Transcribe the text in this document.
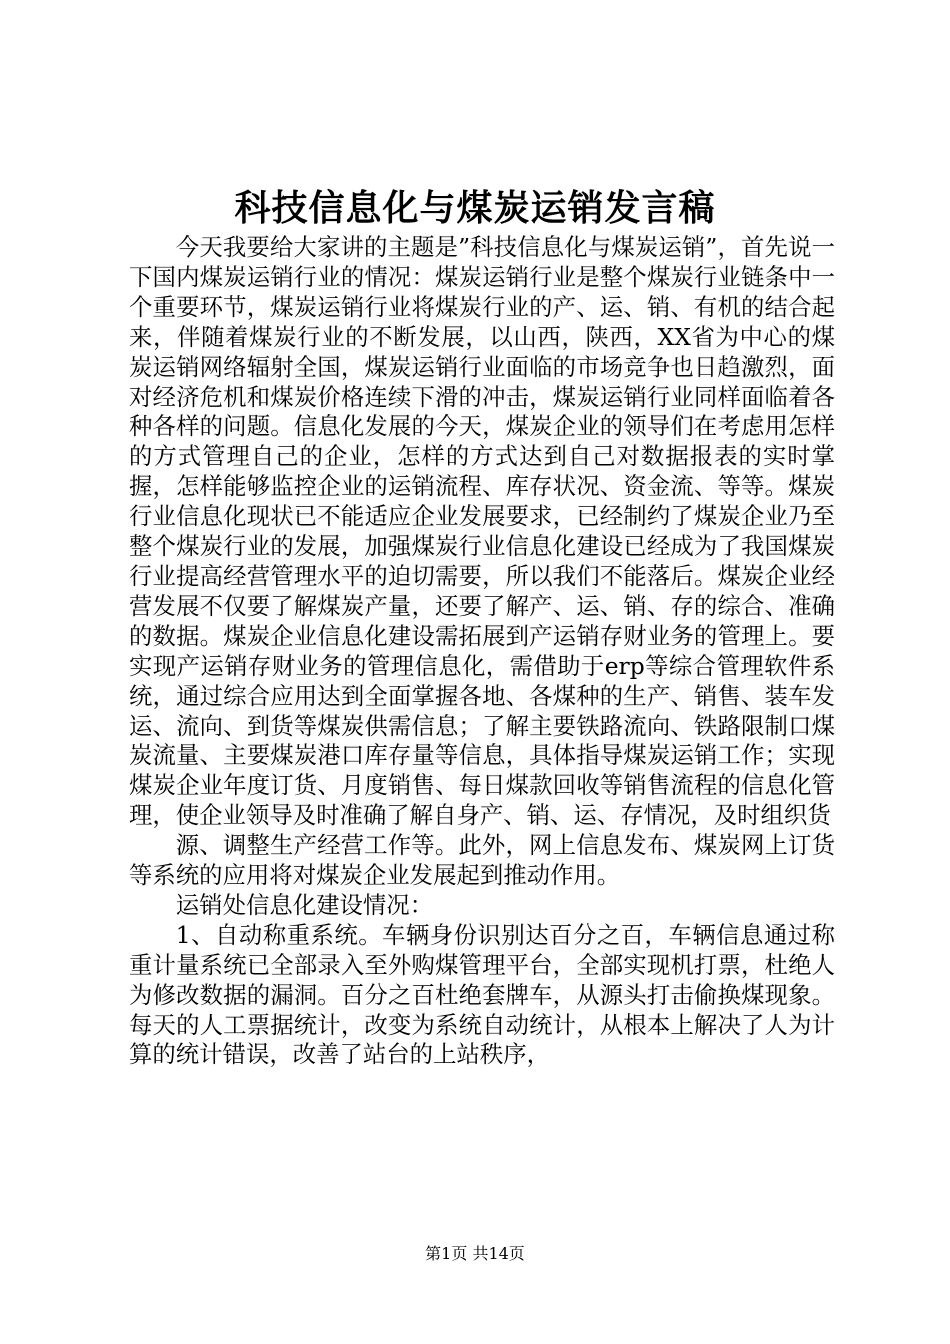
科技信息化与煤炭运销发言稿

今天我要给大家讲的主题是”科技信息化与煤炭运销”，首先说一下国内煤炭运销行业的情况：煤炭运销行业是整个煤炭行业链条中一个重要环节，煤炭运销行业将煤炭行业的产、运、销、有机的结合起来，伴随着煤炭行业的不断发展，以山西，陕西，XX省为中心的煤炭运销网络辐射全国，煤炭运销行业面临的市场竞争也日趋激烈，面对经济危机和煤炭价格连续下滑的冲击，煤炭运销行业同样面临着各种各样的问题。信息化发展的今天，煤炭企业的领导们在考虑用怎样的方式管理自己的企业，怎样的方式达到自己对数据报表的实时掌握，怎样能够监控企业的运销流程、库存状况、资金流、等等。煤炭行业信息化现状已不能适应企业发展要求，已经制约了煤炭企业乃至整个煤炭行业的发展，加强煤炭行业信息化建设已经成为了我国煤炭行业提高经营管理水平的迫切需要，所以我们不能落后。煤炭企业经营发展不仅要了解煤炭产量，还要了解产、运、销、存的综合、准确的数据。煤炭企业信息化建设需拓展到产运销存财业务的管理上。要实现产运销存财业务的管理信息化，需借助于erp等综合管理软件系统，通过综合应用达到全面掌握各地、各煤种的生产、销售、装车发运、流向、到货等煤炭供需信息；了解主要铁路流向、铁路限制口煤炭流量、主要煤炭港口库存量等信息，具体指导煤炭运销工作；实现煤炭企业年度订货、月度销售、每日煤款回收等销售流程的信息化管理，使企业领导及时准确了解自身产、销、运、存情况，及时组织货

源、调整生产经营工作等。此外，网上信息发布、煤炭网上订货等系统的应用将对煤炭企业发展起到推动作用。

运销处信息化建设情况：

1、自动称重系统。车辆身份识别达百分之百，车辆信息通过称重计量系统已全部录入至外购煤管理平台，全部实现机打票，杜绝人为修改数据的漏洞。百分之百杜绝套牌车，从源头打击偷换煤现象。每天的人工票据统计，改变为系统自动统计，从根本上解决了人为计算的统计错误，改善了站台的上站秩序，

第1页 共14页
